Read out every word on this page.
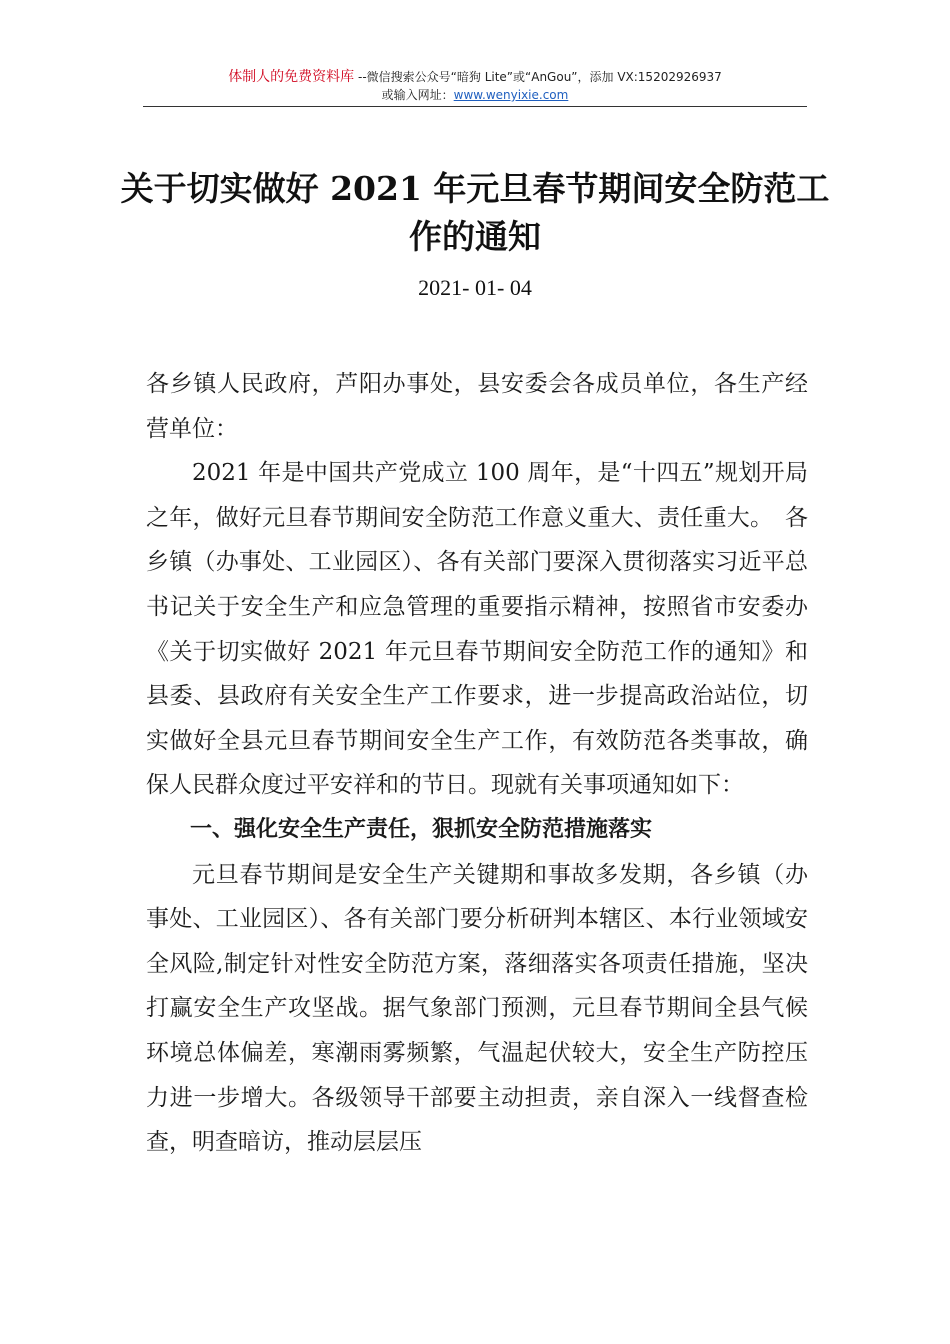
体制人的免费资料库 --微信搜索公众号“暗狗 Lite”或“AnGou”，添加 VX:15202926937
或输入网址：www.wenyixie.com
关于切实做好 2021 年元旦春节期间安全防范工作的通知
2021- 01- 04

各乡镇人民政府，芦阳办事处，县安委会各成员单位，各生产经营单位：

2021 年是中国共产党成立 100 周年，是“十四五”规划开局之年，做好元旦春节期间安全防范工作意义重大、责任重大。　各乡镇（办事处、工业园区）、各有关部门要深入贯彻落实习近平总书记关于安全生产和应急管理的重要指示精神，按照省市安委办《关于切实做好 2021 年元旦春节期间安全防范工作的通知》和县委、县政府有关安全生产工作要求，进一步提高政治站位，切实做好全县元旦春节期间安全生产工作，有效防范各类事故，确保人民群众度过平安祥和的节日。现就有关事项通知如下：

一、强化安全生产责任，狠抓安全防范措施落实

元旦春节期间是安全生产关键期和事故多发期，各乡镇（办事处、工业园区）、各有关部门要分析研判本辖区、本行业领域安全风险,制定针对性安全防范方案，落细落实各项责任措施，坚决打赢安全生产攻坚战。据气象部门预测，元旦春节期间全县气候环境总体偏差，寒潮雨雾频繁，气温起伏较大，安全生产防控压力进一步增大。各级领导干部要主动担责，亲自深入一线督查检查，明查暗访，推动层层压
